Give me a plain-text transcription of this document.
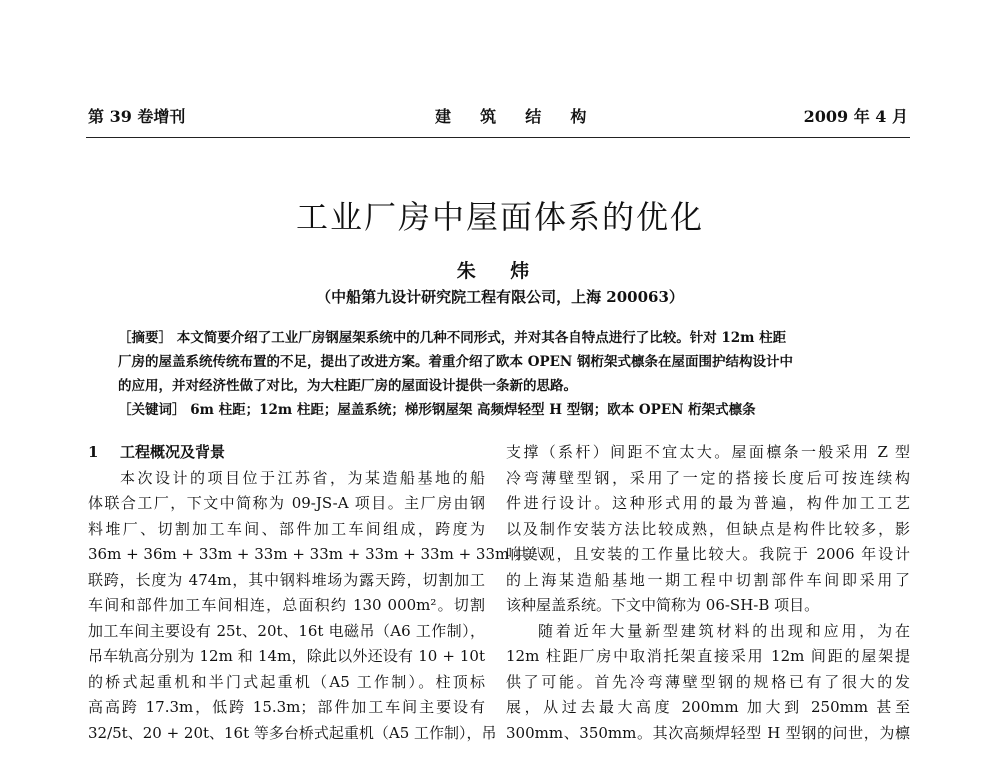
第 39 卷增刊	建  筑  结  构	2009 年 4 月
工业厂房中屋面体系的优化
朱 炜
（中船第九设计研究院工程有限公司，上海 200063）
［摘要］ 本文简要介绍了工业厂房钢屋架系统中的几种不同形式，并对其各自特点进行了比较。针对 12m 柱距
厂房的屋盖系统传统布置的不足，提出了改进方案。着重介绍了欧本 OPEN 钢桁架式檩条在屋面围护结构设计中
的应用，并对经济性做了对比，为大柱距厂房的屋面设计提供一条新的思路。
［关键词］ 6m 柱距；12m 柱距；屋盖系统；梯形钢屋架 高频焊轻型 H 型钢；欧本 OPEN 桁架式檩条
1 工程概况及背景
本次设计的项目位于江苏省，为某造船基地的船
体联合工厂，下文中简称为 09-JS-A 项目。主厂房由钢
料堆厂、切割加工车间、部件加工车间组成，跨度为
36m + 36m + 33m + 33m + 33m + 33m + 33m + 33m 共八
联跨，长度为 474m，其中钢料堆场为露天跨，切割加工
车间和部件加工车间相连，总面积约 130 000m²。切割
加工车间主要设有 25t、20t、16t 电磁吊（A6 工作制），
吊车轨高分别为 12m 和 14m，除此以外还设有 10 + 10t
的桥式起重机和半门式起重机（A5 工作制）。柱顶标
高高跨 17.3m，低跨 15.3m；部件加工车间主要设有
32/5t、20 + 20t、16t 等多台桥式起重机（A5 工作制），吊
支撑（系杆）间距不宜太大。屋面檩条一般采用 Z 型
冷弯薄壁型钢，采用了一定的搭接长度后可按连续构
件进行设计。这种形式用的最为普遍，构件加工工艺
以及制作安装方法比较成熟，但缺点是构件比较多，影
响美观，且安装的工作量比较大。我院于 2006 年设计
的上海某造船基地一期工程中切割部件车间即采用了
该种屋盖系统。下文中简称为 06-SH-B 项目。
随着近年大量新型建筑材料的出现和应用，为在
12m 柱距厂房中取消托架直接采用 12m 间距的屋架提
供了可能。首先冷弯薄壁型钢的规格已有了很大的发
展，从过去最大高度 200mm 加大到 250mm 甚至
300mm、350mm。其次高频焊轻型 H 型钢的问世，为檩
